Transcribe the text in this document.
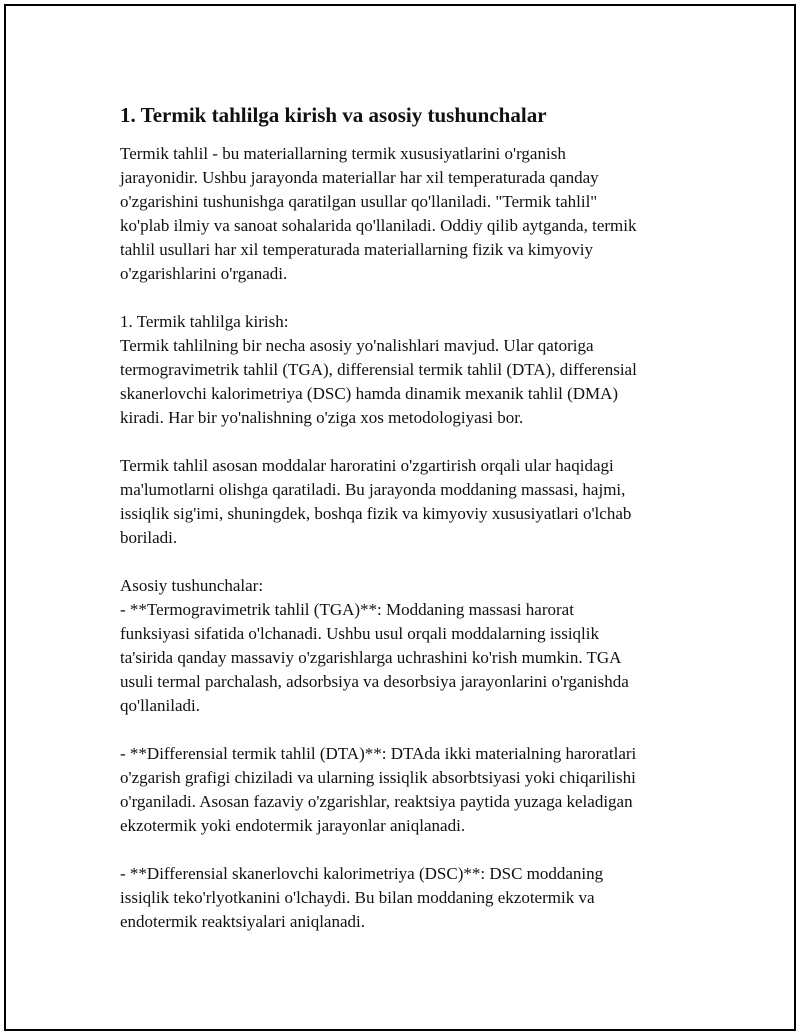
1. Termik tahlilga kirish va asosiy tushunchalar

Termik tahlil - bu materiallarning termik xususiyatlarini o'rganish
jarayonidir. Ushbu jarayonda materiallar har xil temperaturada qanday
o'zgarishini tushunishga qaratilgan usullar qo'llaniladi. "Termik tahlil"
ko'plab ilmiy va sanoat sohalarida qo'llaniladi. Oddiy qilib aytganda, termik
tahlil usullari har xil temperaturada materiallarning fizik va kimyoviy
o'zgarishlarini o'rganadi.

1. Termik tahlilga kirish:
Termik tahlilning bir necha asosiy yo'nalishlari mavjud. Ular qatoriga
termogravimetrik tahlil (TGA), differensial termik tahlil (DTA), differensial
skanerlovchi kalorimetriya (DSC) hamda dinamik mexanik tahlil (DMA)
kiradi. Har bir yo'nalishning o'ziga xos metodologiyasi bor.

Termik tahlil asosan moddalar haroratini o'zgartirish orqali ular haqidagi
ma'lumotlarni olishga qaratiladi. Bu jarayonda moddaning massasi, hajmi,
issiqlik sig'imi, shuningdek, boshqa fizik va kimyoviy xususiyatlari o'lchab
boriladi.

Asosiy tushunchalar:
- **Termogravimetrik tahlil (TGA)**: Moddaning massasi harorat
funksiyasi sifatida o'lchanadi. Ushbu usul orqali moddalarning issiqlik
ta'sirida qanday massaviy o'zgarishlarga uchrashini ko'rish mumkin. TGA
usuli termal parchalash, adsorbsiya va desorbsiya jarayonlarini o'rganishda
qo'llaniladi.

- **Differensial termik tahlil (DTA)**: DTAda ikki materialning haroratlari
o'zgarish grafigi chiziladi va ularning issiqlik absorbtsiyasi yoki chiqarilishi
o'rganiladi. Asosan fazaviy o'zgarishlar, reaktsiya paytida yuzaga keladigan
ekzotermik yoki endotermik jarayonlar aniqlanadi.

- **Differensial skanerlovchi kalorimetriya (DSC)**: DSC moddaning
issiqlik teko'rlyotkanini o'lchaydi. Bu bilan moddaning ekzotermik va
endotermik reaktsiyalari aniqlanadi.
